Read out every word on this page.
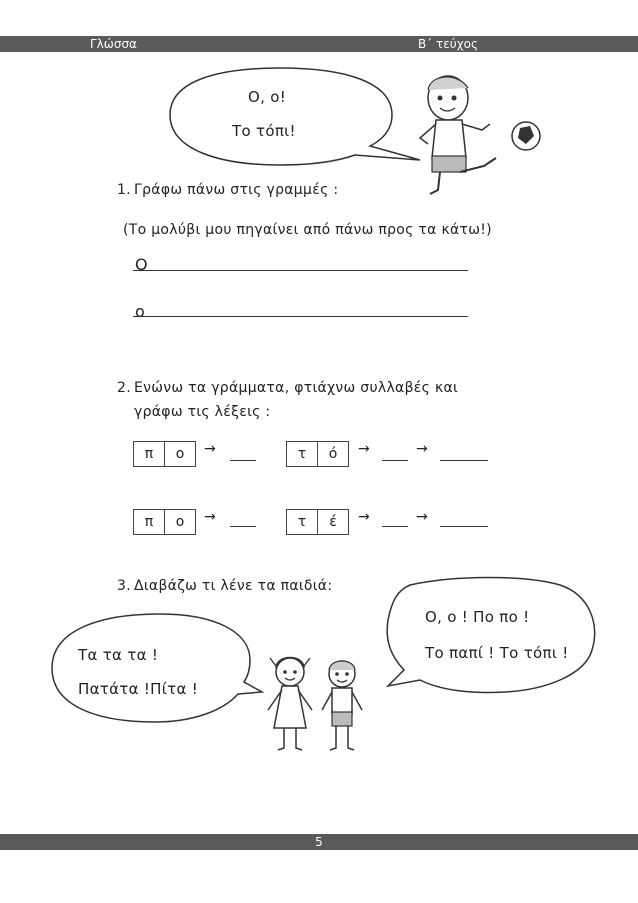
Γλώσσα	Β΄ τεύχος
Ο, ο!
Το τόπι!
1. Γράφω πάνω στις γραμμές :
(Το μολύβι μου πηγαίνει από πάνω προς τα κάτω!)
Ο
ο
2. Ενώνω τα γράμματα, φτιάχνω συλλαβές και
γράφω τις λέξεις :
π	ο	→	τ	ό	→	→
π	ο	→	τ	έ	→	→
3. Διαβάζω τι λένε τα παιδιά:
Τα τα τα !
Πατάτα !Πίτα !
Ο, ο ! Πο πο !
Το παπί ! Το τόπι !
5
